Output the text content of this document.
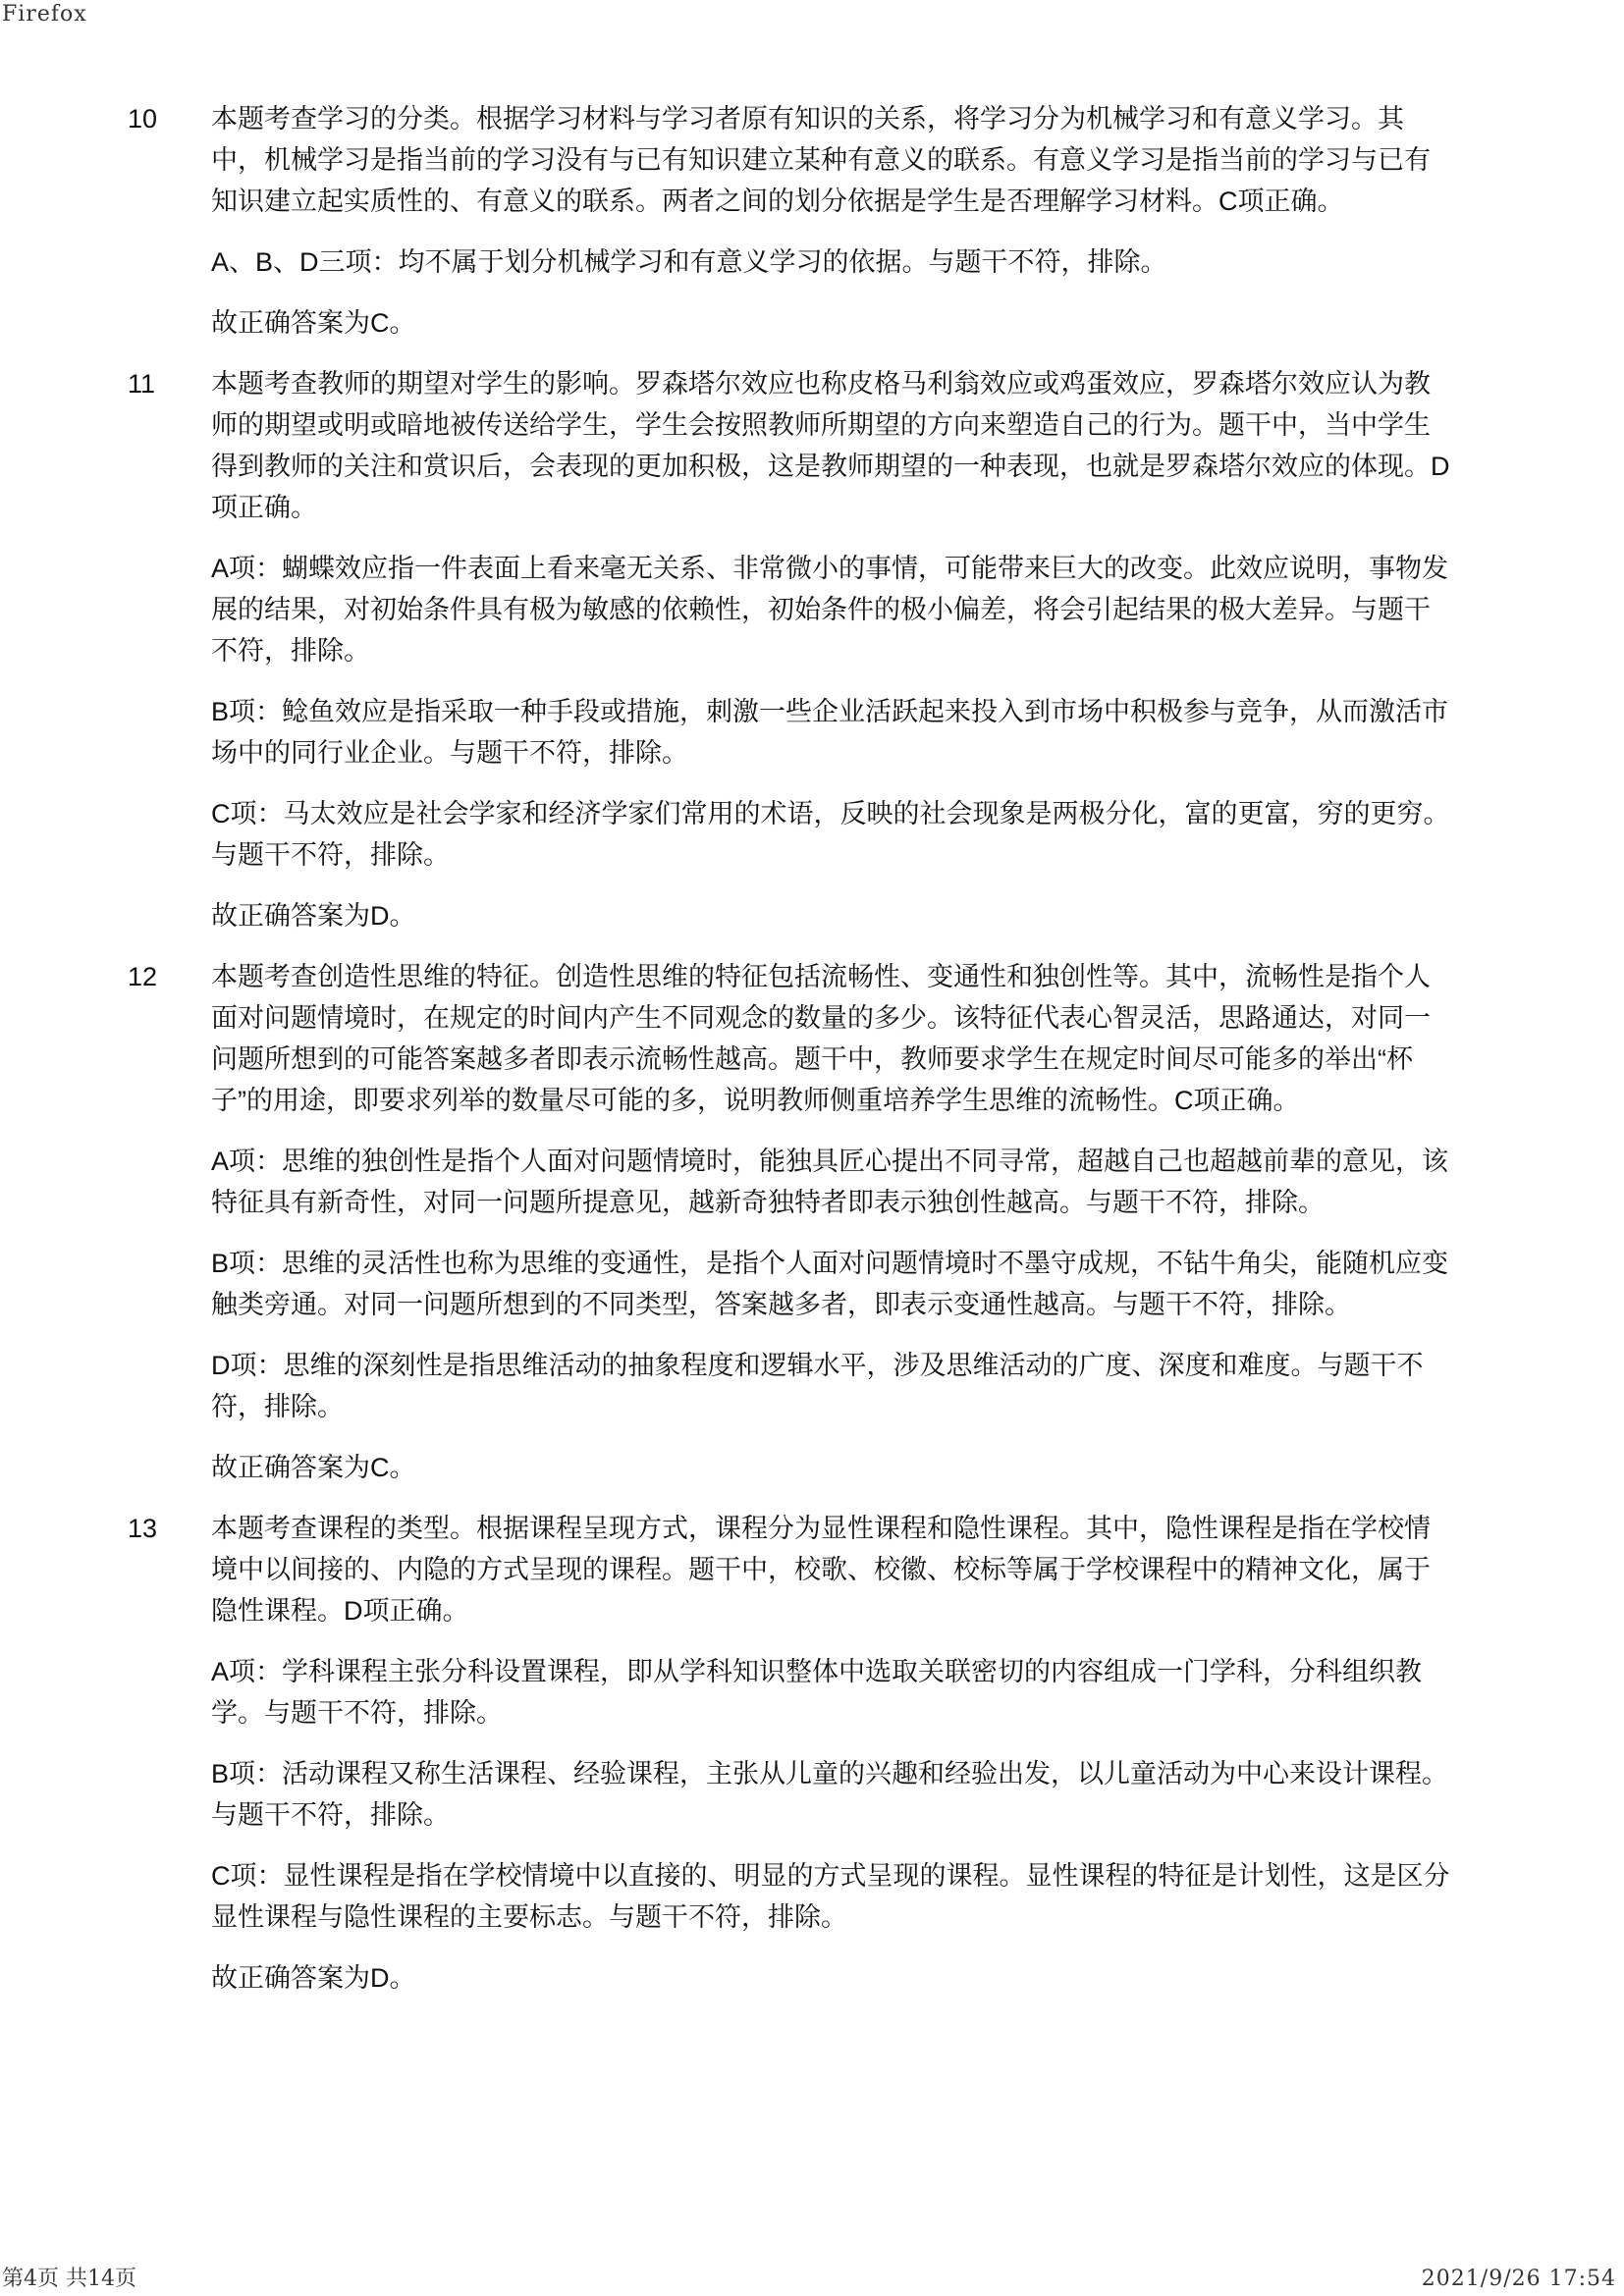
Firefox
10	本题考查学习的分类。根据学习材料与学习者原有知识的关系，将学习分为机械学习和有意义学习。其中，机械学习是指当前的学习没有与已有知识建立某种有意义的联系。有意义学习是指当前的学习与已有知识建立起实质性的、有意义的联系。两者之间的划分依据是学生是否理解学习材料。C项正确。

A、B、D三项：均不属于划分机械学习和有意义学习的依据。与题干不符，排除。

故正确答案为C。

11	本题考查教师的期望对学生的影响。罗森塔尔效应也称皮格马利翁效应或鸡蛋效应，罗森塔尔效应认为教师的期望或明或暗地被传送给学生，学生会按照教师所期望的方向来塑造自己的行为。题干中，当中学生得到教师的关注和赏识后，会表现的更加积极，这是教师期望的一种表现，也就是罗森塔尔效应的体现。D项正确。

A项：蝴蝶效应指一件表面上看来毫无关系、非常微小的事情，可能带来巨大的改变。此效应说明，事物发展的结果，对初始条件具有极为敏感的依赖性，初始条件的极小偏差，将会引起结果的极大差异。与题干不符，排除。

B项：鲶鱼效应是指采取一种手段或措施，刺激一些企业活跃起来投入到市场中积极参与竞争，从而激活市场中的同行业企业。与题干不符，排除。

C项：马太效应是社会学家和经济学家们常用的术语，反映的社会现象是两极分化，富的更富，穷的更穷。与题干不符，排除。

故正确答案为D。

12	本题考查创造性思维的特征。创造性思维的特征包括流畅性、变通性和独创性等。其中，流畅性是指个人面对问题情境时，在规定的时间内产生不同观念的数量的多少。该特征代表心智灵活，思路通达，对同一问题所想到的可能答案越多者即表示流畅性越高。题干中，教师要求学生在规定时间尽可能多的举出“杯子”的用途，即要求列举的数量尽可能的多，说明教师侧重培养学生思维的流畅性。C项正确。

A项：思维的独创性是指个人面对问题情境时，能独具匠心提出不同寻常，超越自己也超越前辈的意见，该特征具有新奇性，对同一问题所提意见，越新奇独特者即表示独创性越高。与题干不符，排除。

B项：思维的灵活性也称为思维的变通性，是指个人面对问题情境时不墨守成规，不钻牛角尖，能随机应变触类旁通。对同一问题所想到的不同类型，答案越多者，即表示变通性越高。与题干不符，排除。

D项：思维的深刻性是指思维活动的抽象程度和逻辑水平，涉及思维活动的广度、深度和难度。与题干不符，排除。

故正确答案为C。

13	本题考查课程的类型。根据课程呈现方式，课程分为显性课程和隐性课程。其中，隐性课程是指在学校情境中以间接的、内隐的方式呈现的课程。题干中，校歌、校徽、校标等属于学校课程中的精神文化，属于隐性课程。D项正确。

A项：学科课程主张分科设置课程，即从学科知识整体中选取关联密切的内容组成一门学科，分科组织教学。与题干不符，排除。

B项：活动课程又称生活课程、经验课程，主张从儿童的兴趣和经验出发，以儿童活动为中心来设计课程。与题干不符，排除。

C项：显性课程是指在学校情境中以直接的、明显的方式呈现的课程。显性课程的特征是计划性，这是区分显性课程与隐性课程的主要标志。与题干不符，排除。

故正确答案为D。

第4页 共14页	2021/9/26 17:54
